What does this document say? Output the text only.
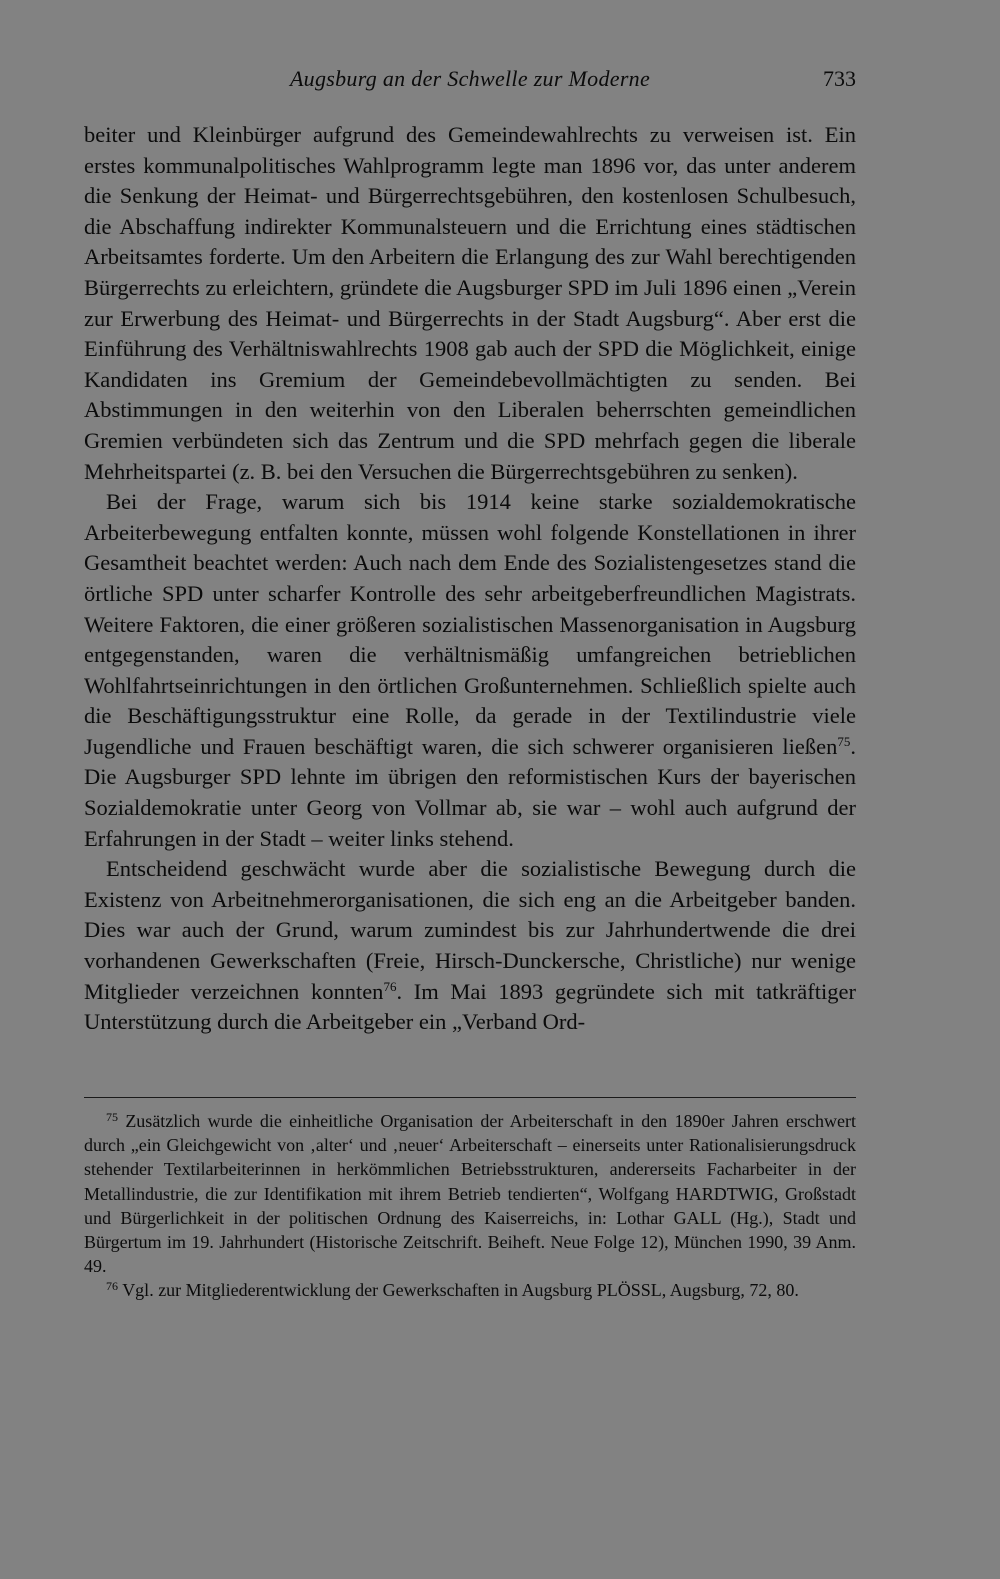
Augsburg an der Schwelle zur Moderne	733

beiter und Kleinbürger aufgrund des Gemeindewahlrechts zu verweisen ist. Ein erstes kommunalpolitisches Wahlprogramm legte man 1896 vor, das unter anderem die Senkung der Heimat- und Bürgerrechtsgebühren, den kostenlosen Schulbesuch, die Abschaffung indirekter Kommunalsteuern und die Errichtung eines städtischen Arbeitsamtes forderte. Um den Arbeitern die Erlangung des zur Wahl berechtigenden Bürgerrechts zu erleichtern, gründete die Augsburger SPD im Juli 1896 einen „Verein zur Erwerbung des Heimat- und Bürgerrechts in der Stadt Augsburg“. Aber erst die Einführung des Verhältniswahlrechts 1908 gab auch der SPD die Möglichkeit, einige Kandidaten ins Gremium der Gemeindebevollmächtigten zu senden. Bei Abstimmungen in den weiterhin von den Liberalen beherrschten gemeindlichen Gremien verbündeten sich das Zentrum und die SPD mehrfach gegen die liberale Mehrheitspartei (z. B. bei den Versuchen die Bürgerrechtsgebühren zu senken).

Bei der Frage, warum sich bis 1914 keine starke sozialdemokratische Arbeiterbewegung entfalten konnte, müssen wohl folgende Konstellationen in ihrer Gesamtheit beachtet werden: Auch nach dem Ende des Sozialistengesetzes stand die örtliche SPD unter scharfer Kontrolle des sehr arbeitgeberfreundlichen Magistrats. Weitere Faktoren, die einer größeren sozialistischen Massenorganisation in Augsburg entgegenstanden, waren die verhältnismäßig umfangreichen betrieblichen Wohlfahrtseinrichtungen in den örtlichen Großunternehmen. Schließlich spielte auch die Beschäftigungsstruktur eine Rolle, da gerade in der Textilindustrie viele Jugendliche und Frauen beschäftigt waren, die sich schwerer organisieren ließen$^{75}$. Die Augsburger SPD lehnte im übrigen den reformistischen Kurs der bayerischen Sozialdemokratie unter Georg von Vollmar ab, sie war – wohl auch aufgrund der Erfahrungen in der Stadt – weiter links stehend.

Entscheidend geschwächt wurde aber die sozialistische Bewegung durch die Existenz von Arbeitnehmerorganisationen, die sich eng an die Arbeitgeber banden. Dies war auch der Grund, warum zumindest bis zur Jahrhundertwende die drei vorhandenen Gewerkschaften (Freie, Hirsch-Dunckersche, Christliche) nur wenige Mitglieder verzeichnen konnten$^{76}$. Im Mai 1893 gegründete sich mit tatkräftiger Unterstützung durch die Arbeitgeber ein „Verband Ord-

$^{75}$ Zusätzlich wurde die einheitliche Organisation der Arbeiterschaft in den 1890er Jahren erschwert durch „ein Gleichgewicht von ‚alter‘ und ‚neuer‘ Arbeiterschaft – einerseits unter Rationalisierungsdruck stehender Textilarbeiterinnen in herkömmlichen Betriebsstrukturen, andererseits Facharbeiter in der Metallindustrie, die zur Identifikation mit ihrem Betrieb tendierten“, Wolfgang HARDTWIG, Großstadt und Bürgerlichkeit in der politischen Ordnung des Kaiserreichs, in: Lothar GALL (Hg.), Stadt und Bürgertum im 19. Jahrhundert (Historische Zeitschrift. Beiheft. Neue Folge 12), München 1990, 39 Anm. 49.

$^{76}$ Vgl. zur Mitgliederentwicklung der Gewerkschaften in Augsburg PLÖSSL, Augsburg, 72, 80.
